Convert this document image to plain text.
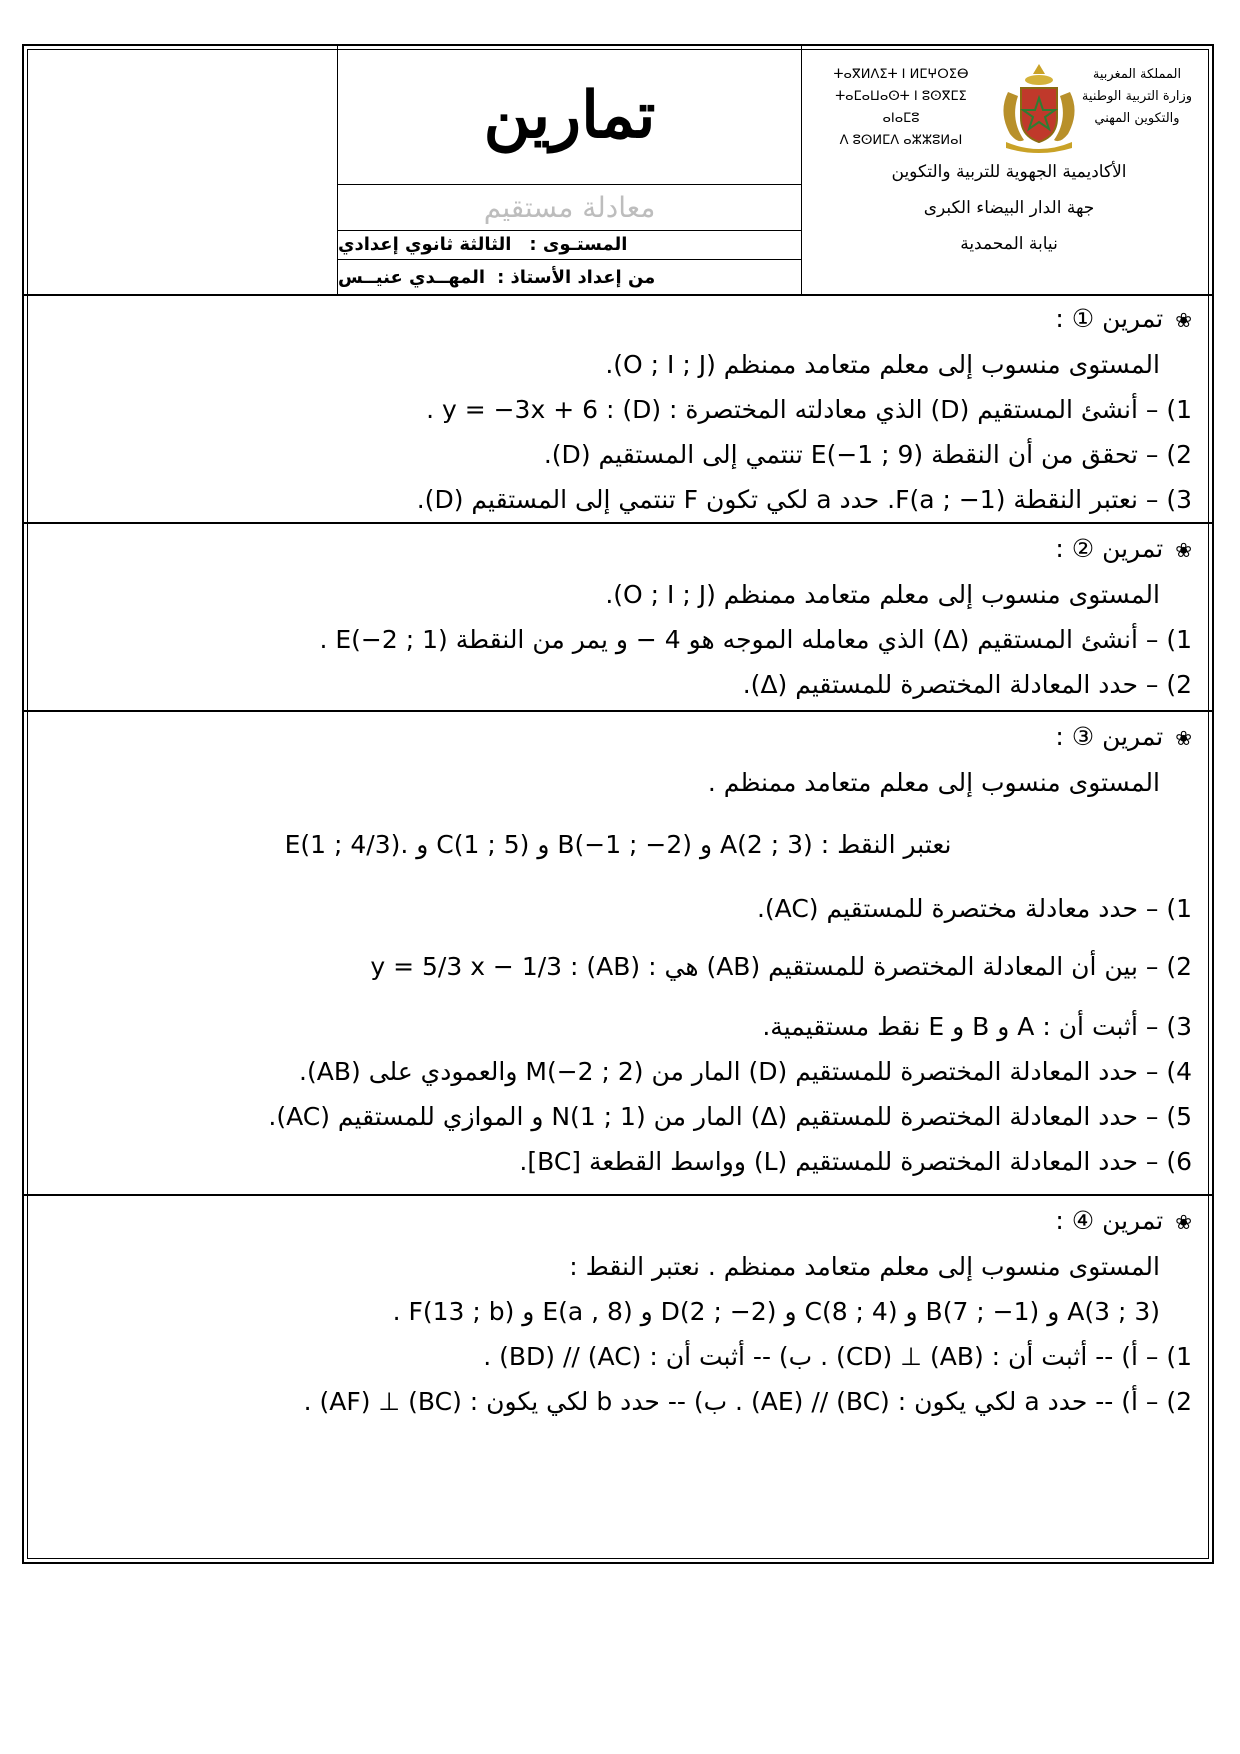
تمارين
معادلة مستقيم
المستـوى :
الثالثة ثانوي إعدادي
من إعداد الأستاذ :
المهــدي عنيــس
ⵜⴰⴳⵍⴷⵉⵜ ⵏ ⵍⵎⵖⵔⵉⴱ
ⵜⴰⵎⴰⵡⴰⵙⵜ ⵏ ⵓⵙⴳⵎⵉ ⴰⵏⴰⵎⵓ
ⴷ ⵓⵙⵍⵎⴷ ⴰⵣⵣⵓⵍⴰⵏ
المملكة المغربية
وزارة التربية الوطنية
والتكوين المهني
الأكاديمية الجهوية للتربية والتكوين
جهة الدار البيضاء الكبرى
نيابة المحمدية
❀ تمرين ① :
المستوى منسوب إلى معلم متعامد ممنظم (O ; I ; J).
1) – أنشئ المستقيم (D) الذي معادلته المختصرة : (D) : y = −3x + 6 .
2) – تحقق من أن النقطة E(−1 ; 9) تنتمي إلى المستقيم (D).
3) – نعتبر النقطة F(a ; −1). حدد a لكي تكون F تنتمي إلى المستقيم (D).
❀ تمرين ② :
المستوى منسوب إلى معلم متعامد ممنظم (O ; I ; J).
1) – أنشئ المستقيم (Δ) الذي معامله الموجه هو 4 − و يمر من النقطة E(−2 ; 1) .
2) – حدد المعادلة المختصرة للمستقيم (Δ).
❀ تمرين ③ :
المستوى منسوب إلى معلم متعامد ممنظم .
نعتبر النقط : A(2 ; 3) و B(−1 ; −2) و C(1 ; 5) و .E(1 ; 4/3)
1) – حدد معادلة مختصرة للمستقيم (AC).
2) – بين أن المعادلة المختصرة للمستقيم (AB) هي : (AB) : y = 5/3 x − 1/3
3) – أثبت أن : A و B و E نقط مستقيمية.
4) – حدد المعادلة المختصرة للمستقيم (D) المار من M(−2 ; 2) والعمودي على (AB).
5) – حدد المعادلة المختصرة للمستقيم (Δ) المار من N(1 ; 1) و الموازي للمستقيم (AC).
6) – حدد المعادلة المختصرة للمستقيم (L) وواسط القطعة [BC].
❀ تمرين ④ :
المستوى منسوب إلى معلم متعامد ممنظم . نعتبر النقط :
A(3 ; 3) و B(7 ; −1) و C(8 ; 4) و D(2 ; −2) و E(a , 8) و F(13 ; b) .
1) – أ) -- أثبت أن : (AB) ⊥ (CD) . ب) -- أثبت أن : (AC) // (BD) .
2) – أ) -- حدد a لكي يكون : (BC) // (AE) . ب) -- حدد b لكي يكون : (BC) ⊥ (AF) .
